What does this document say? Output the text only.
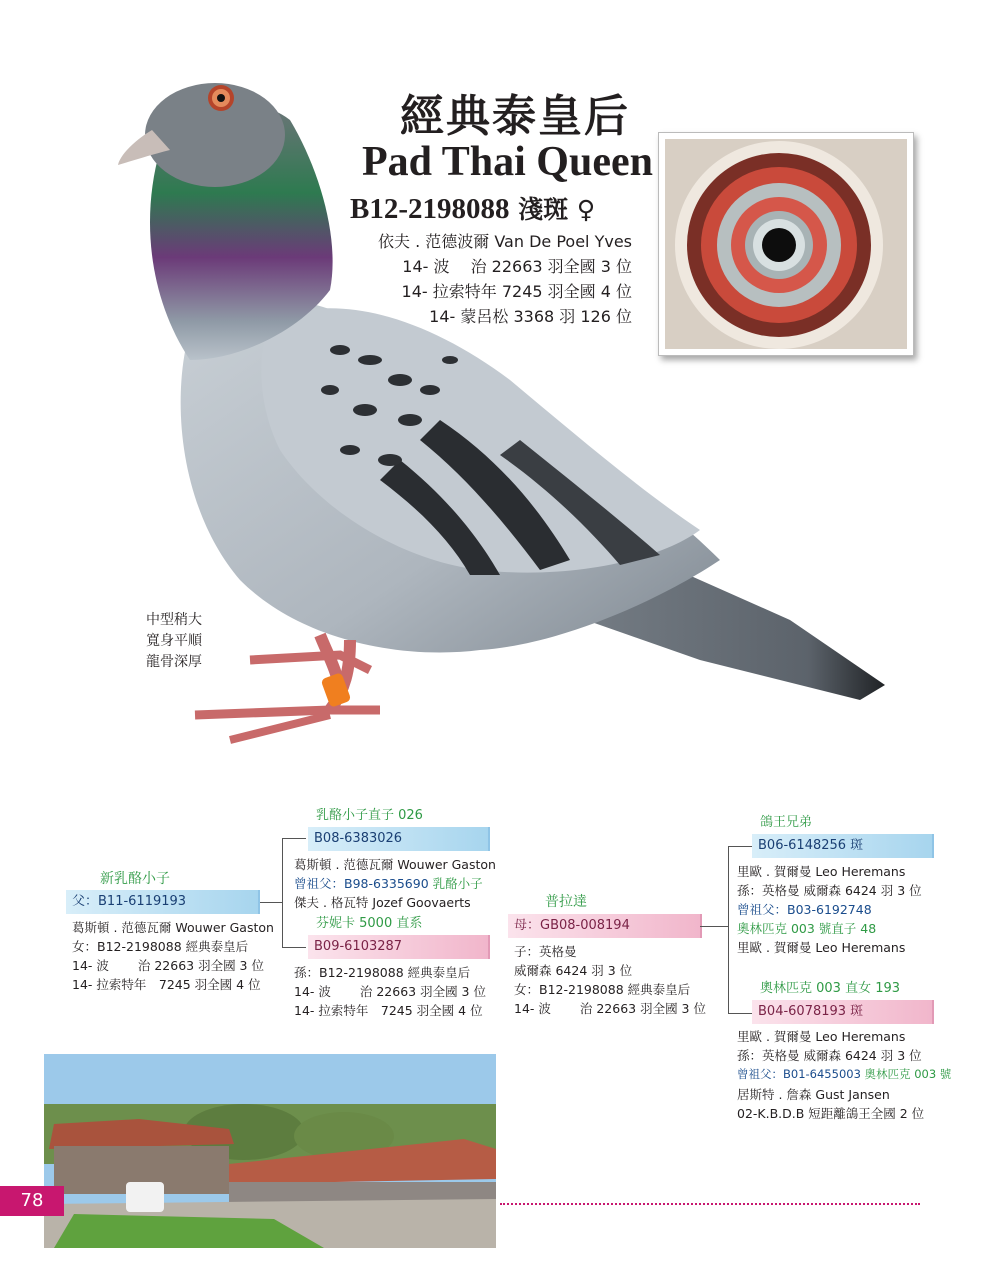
經典泰皇后
Pad Thai Queen
B12-2198088 淺斑 ♀
依夫 . 范德波爾 Van De Poel Yves
14- 波　 治 22663 羽全國 3 位
14- 拉索特年 7245 羽全國 4 位
14- 蒙呂松 3368 羽 126 位
中型稍大
寬身平順
龍骨深厚
新乳酪小子
父：B11-6119193
葛斯頓 . 范德瓦爾 Wouwer Gaston
女：B12-2198088 經典泰皇后
14- 波　　 治 22663 羽全國 3 位
14- 拉索特年　7245 羽全國 4 位
乳酪小子直子 026
B08-6383026
葛斯頓 . 范德瓦爾 Wouwer Gaston
曾祖父：B98-6335690 乳酪小子
傑夫 . 格瓦特 Jozef Goovaerts
芬妮卡 5000 直系
B09-6103287
孫：B12-2198088 經典泰皇后
14- 波　　 治 22663 羽全國 3 位
14- 拉索特年　7245 羽全國 4 位
普拉達
母：GB08-008194
子：英格曼
威爾森 6424 羽 3 位
女：B12-2198088 經典泰皇后
14- 波　　 治 22663 羽全國 3 位
鴿王兄弟
B06-6148256 斑
里歐 . 賀爾曼 Leo Heremans
孫：英格曼 威爾森 6424 羽 3 位
曾祖父：B03-6192748
奧林匹克 003 號直子 48
里歐 . 賀爾曼 Leo Heremans
奧林匹克 003 直女 193
B04-6078193 斑
里歐 . 賀爾曼 Leo Heremans
孫：英格曼 威爾森 6424 羽 3 位
曾祖父：B01-6455003 奧林匹克 003 號
居斯特 . 詹森 Gust Jansen
02-K.B.D.B 短距離鴿王全國 2 位
78
